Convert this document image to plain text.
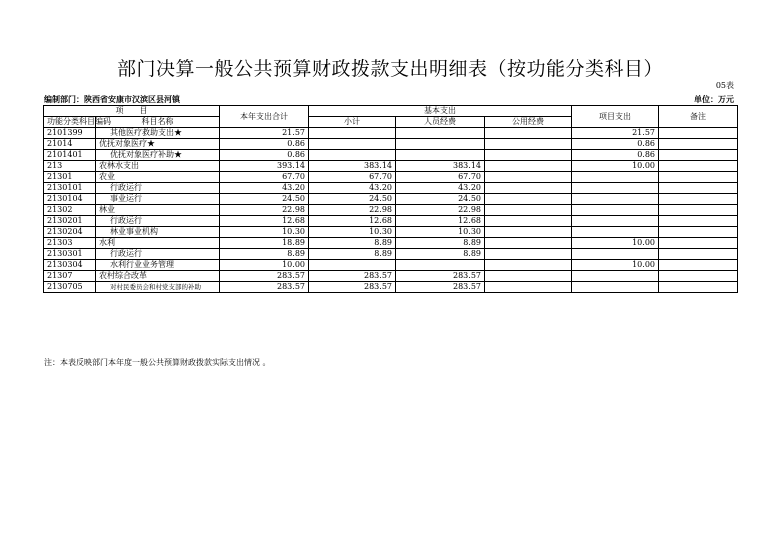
部门决算一般公共预算财政拨款支出明细表（按功能分类科目）
05表
编制部门：陕西省安康市汉滨区县河镇	单位：万元
项　　目		本年支出合计	基本支出			项目支出	备注
功能分类科目编码	科目名称		小计	人员经费	公用经费		
2101399	其他医疗救助支出★	21.57				21.57	
21014	优抚对象医疗★	0.86				0.86	
2101401	优抚对象医疗补助★	0.86				0.86	
213	农林水支出	393.14	383.14	383.14		10.00	
21301	农业	67.70	67.70	67.70			
2130101	行政运行	43.20	43.20	43.20			
2130104	事业运行	24.50	24.50	24.50			
21302	林业	22.98	22.98	22.98			
2130201	行政运行	12.68	12.68	12.68			
2130204	林业事业机构	10.30	10.30	10.30			
21303	水利	18.89	8.89	8.89		10.00	
2130301	行政运行	8.89	8.89	8.89			
2130304	水利行业业务管理	10.00				10.00	
21307	农村综合改革	283.57	283.57	283.57			
2130705	对村民委员会和村党支部的补助	283.57	283.57	283.57			
注：本表反映部门本年度一般公共预算财政拨款实际支出情况 。
